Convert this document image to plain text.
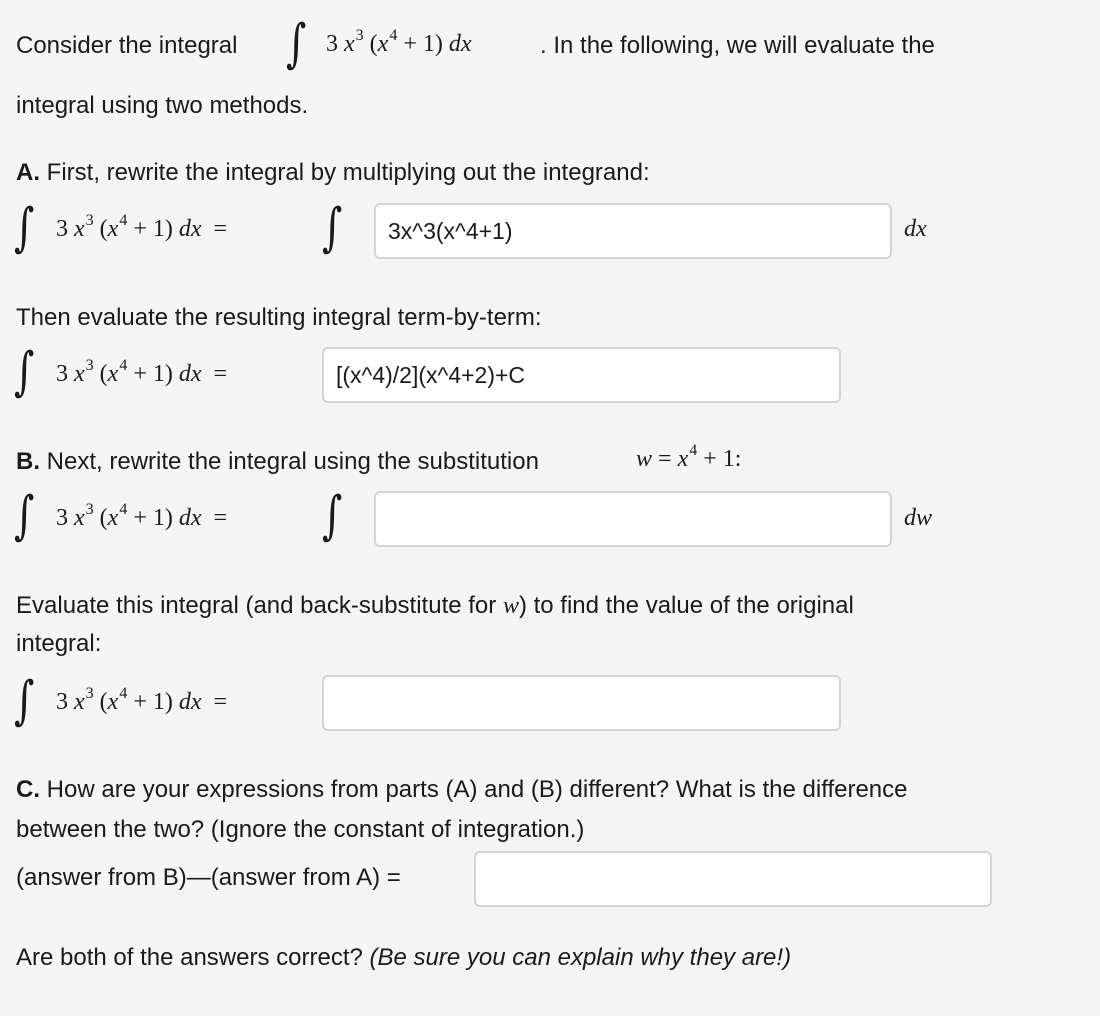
Consider the integral ∫ 3 $x^3$ $(x^4 + 1)$ dx	. In the following, we will evaluate the
integral using two methods.
A. First, rewrite the integral by multiplying out the integrand:
∫ 3 $x^3$ $(x^4 + 1)$ dx = ∫
3x^3(x^4+1)	dx
Then evaluate the resulting integral term-by-term:
∫ 3 $x^3$ $(x^4 + 1)$ dx =
[(x^4)/2](x^4+2)+C
B. Next, rewrite the integral using the substitution	$w = x^4 + 1$:
∫ 3 $x^3$ $(x^4 + 1)$ dx = ∫	dw
Evaluate this integral (and back-substitute for w) to find the value of the original
integral:
∫ 3 $x^3$ $(x^4 + 1)$ dx =
C. How are your expressions from parts (A) and (B) different? What is the difference
between the two? (Ignore the constant of integration.)
(answer from B)—(answer from A) =
Are both of the answers correct? (Be sure you can explain why they are!)
